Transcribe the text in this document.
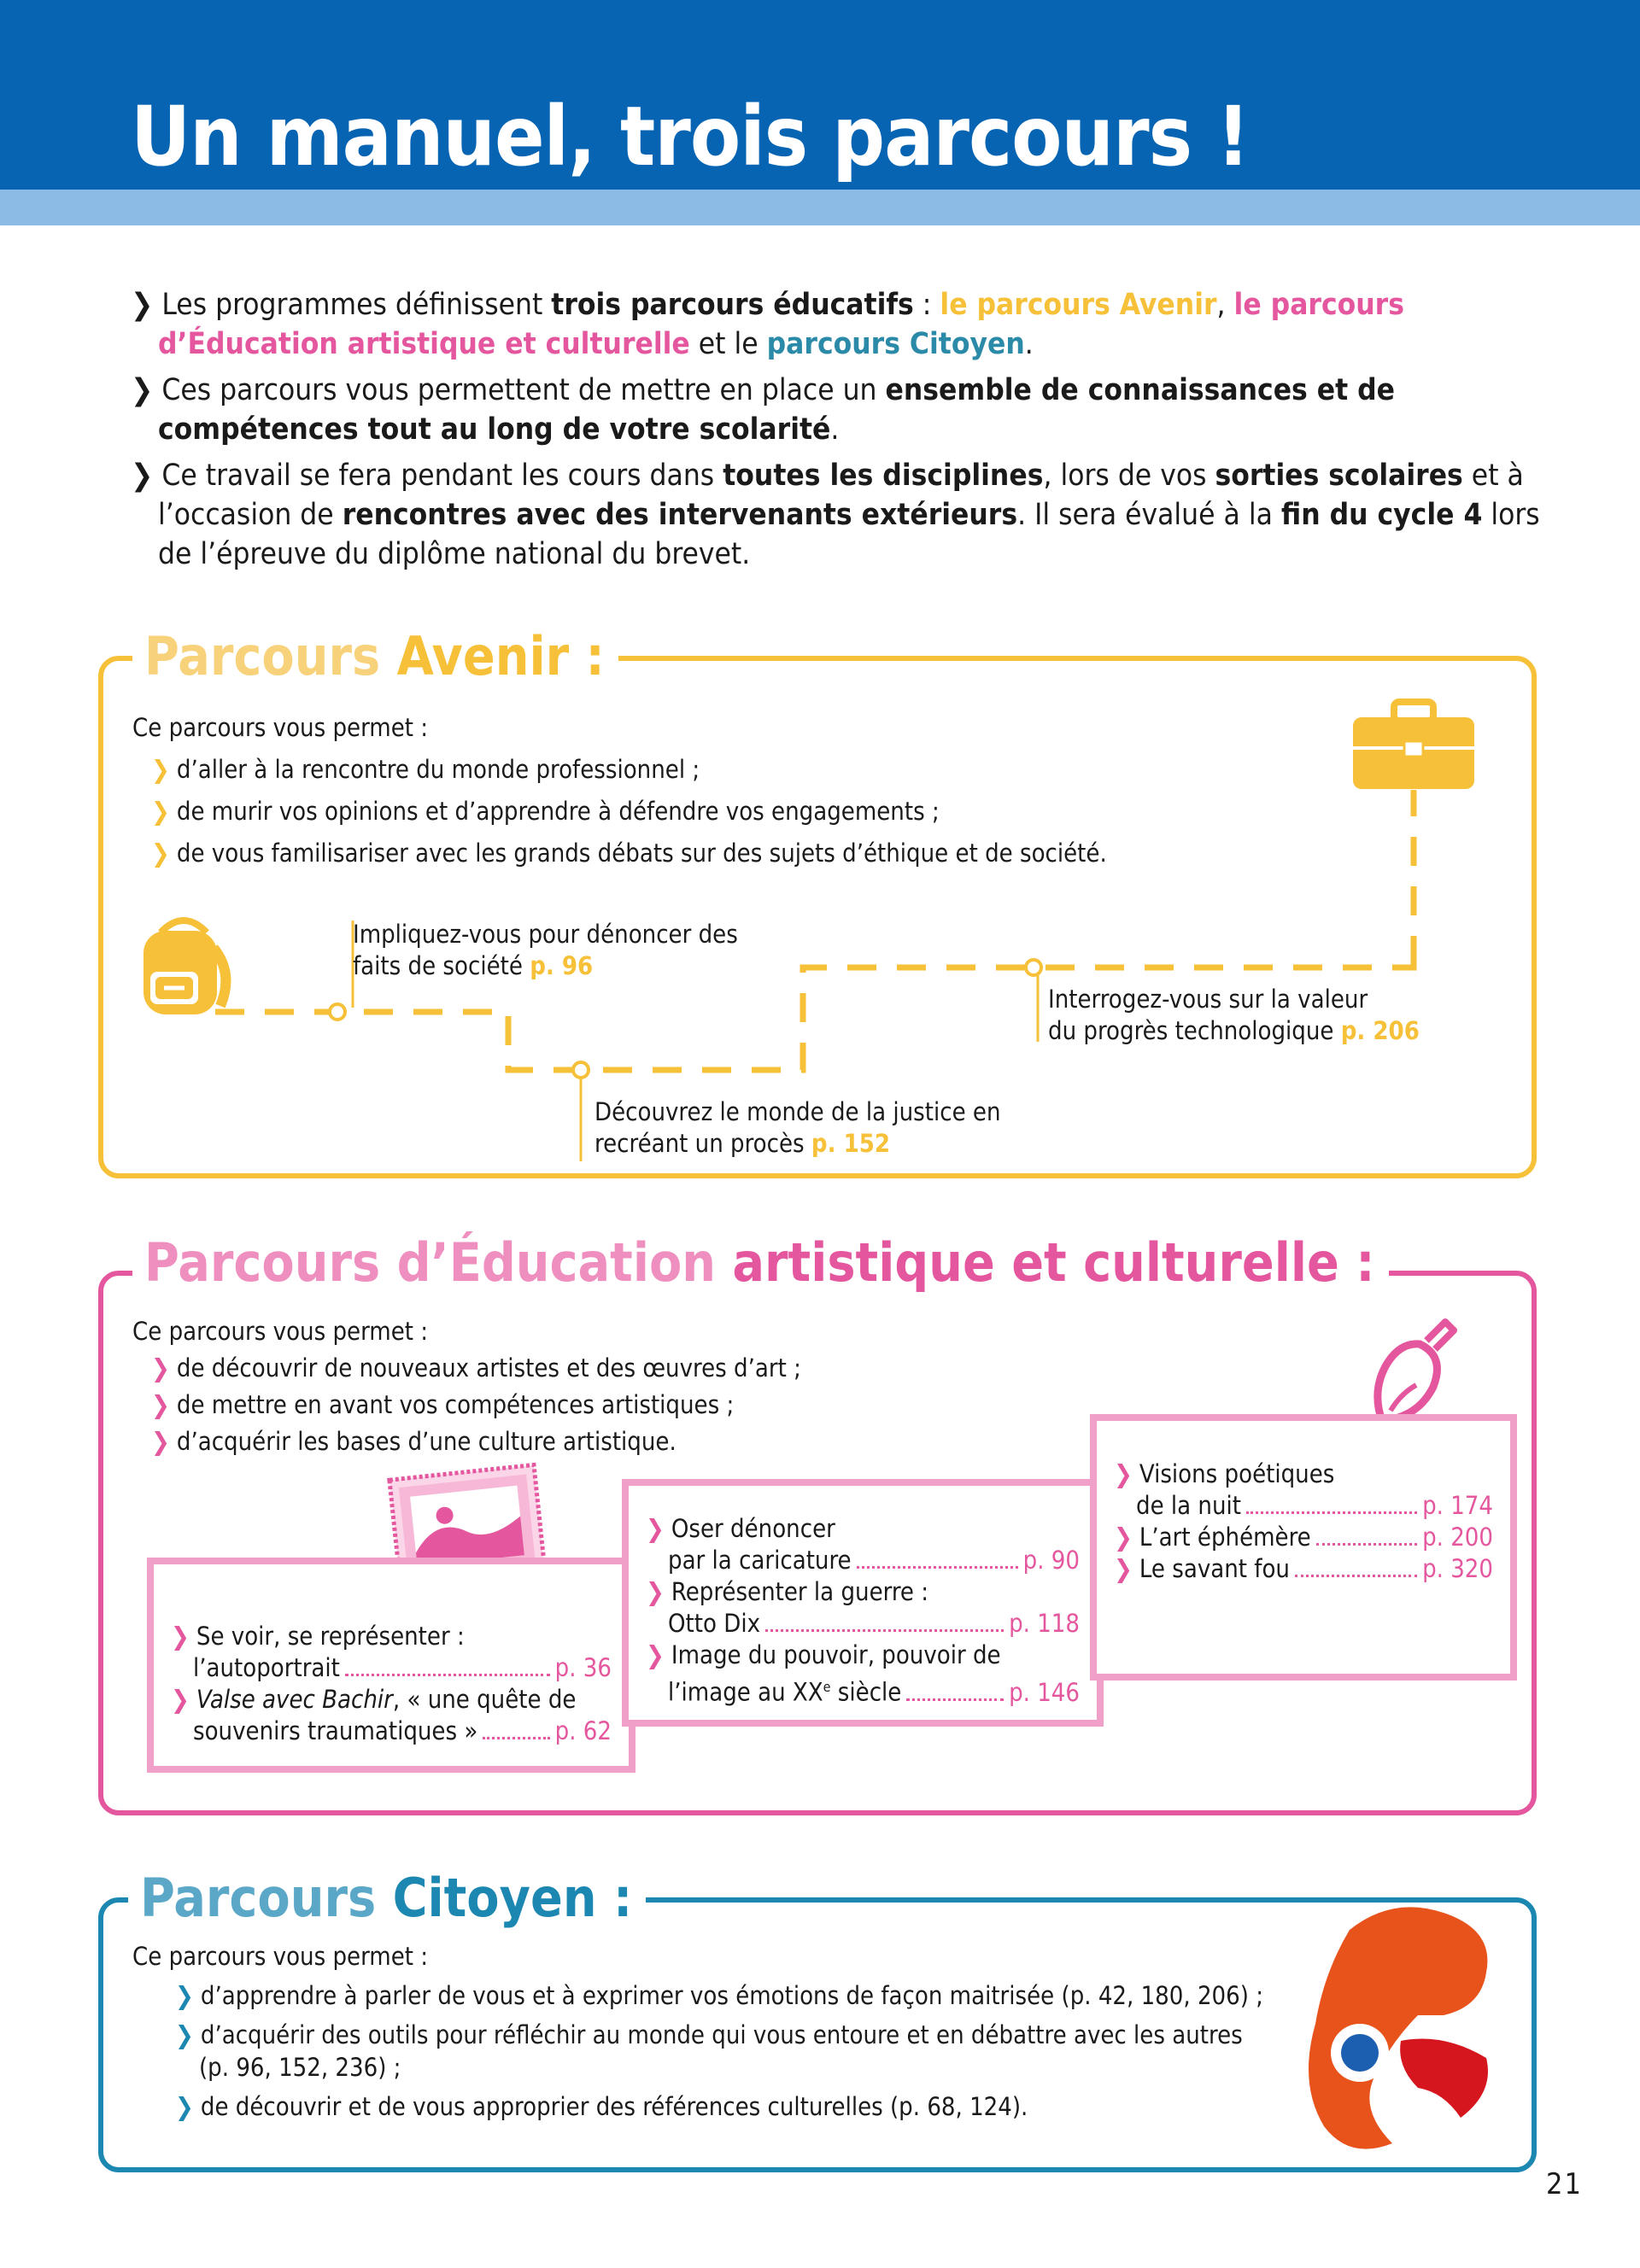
Un manuel, trois parcours !

❯ Les programmes définissent trois parcours éducatifs : le parcours Avenir, le parcours d’Éducation artistique et culturelle et le parcours Citoyen.

❯ Ces parcours vous permettent de mettre en place un ensemble de connaissances et de compétences tout au long de votre scolarité.

❯ Ce travail se fera pendant les cours dans toutes les disciplines, lors de vos sorties scolaires et à l’occasion de rencontres avec des intervenants extérieurs. Il sera évalué à la fin du cycle 4 lors de l’épreuve du diplôme national du brevet.

Parcours Avenir :
Ce parcours vous permet :
❯ d’aller à la rencontre du monde professionnel ;
❯ de murir vos opinions et d’apprendre à défendre vos engagements ;
❯ de vous familisariser avec les grands débats sur des sujets d’éthique et de société.
Impliquez-vous pour dénoncer des
faits de société p. 96
Découvrez le monde de la justice en
recréant un procès p. 152
Interrogez-vous sur la valeur
du progrès technologique p. 206
Parcours d’Éducation artistique et culturelle :
Ce parcours vous permet :
❯ de découvrir de nouveaux artistes et des œuvres d’art ;
❯ de mettre en avant vos compétences artistiques ;
❯ d’acquérir les bases d’une culture artistique.
❯ Se voir, se représenter :
l’autoportrait	p. 36
❯ Valse avec Bachir, « une quête de
souvenirs traumatiques »	p. 62
❯ Oser dénoncer
par la caricature	p. 90
❯ Représenter la guerre :
Otto Dix	p. 118
❯ Image du pouvoir, pouvoir de
l’image au XXe siècle	p. 146
❯ Visions poétiques
de la nuit	p. 174
❯ L’art éphémère	p. 200
❯ Le savant fou	p. 320
Parcours Citoyen :
Ce parcours vous permet :
❯ d’apprendre à parler de vous et à exprimer vos émotions de façon maitrisée (p. 42, 180, 206) ;
❯ d’acquérir des outils pour réfléchir au monde qui vous entoure et en débattre avec les autres
(p. 96, 152, 236) ;
❯ de découvrir et de vous approprier des références culturelles (p. 68, 124).
21
